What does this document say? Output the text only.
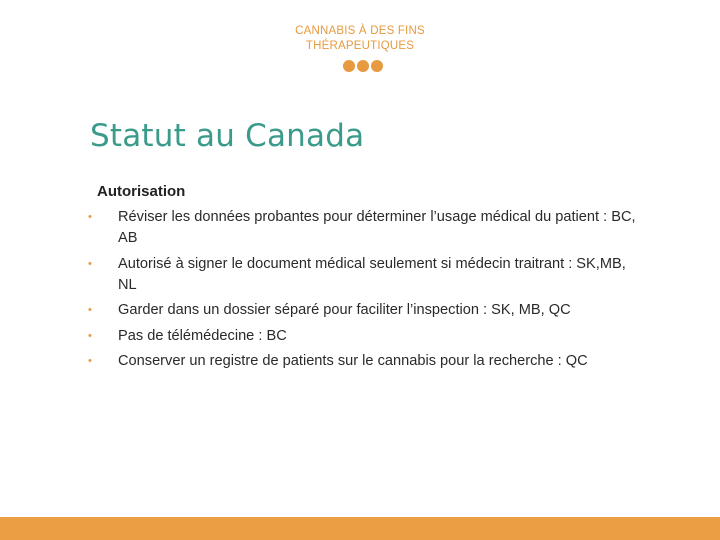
CANNABIS À DES FINS
THÉRAPEUTIQUES
Statut au Canada
Autorisation
• Réviser les données probantes pour déterminer l’usage médical du patient : BC, AB
• Autorisé à signer le document médical seulement si médecin traitrant : SK,MB, NL
• Garder dans un dossier séparé pour faciliter l’inspection : SK, MB, QC
• Pas de télémédecine : BC
• Conserver un registre de patients sur le cannabis pour la recherche : QC
